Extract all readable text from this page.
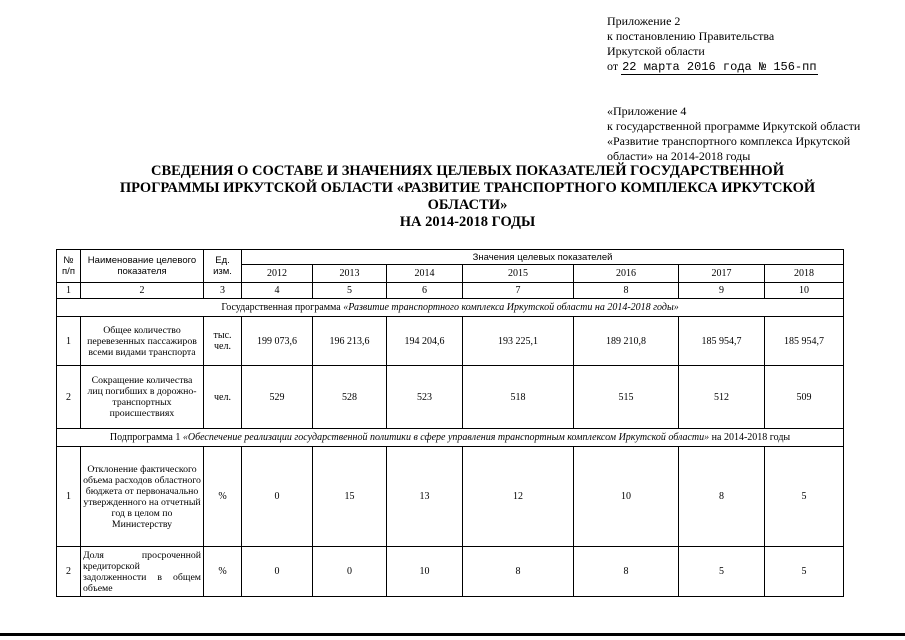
Приложение 2
к постановлению Правительства
Иркутской области
от 22 марта 2016 года № 156-пп
«Приложение 4
к государственной программе Иркутской области
«Развитие транспортного комплекса Иркутской
области» на 2014-2018 годы
СВЕДЕНИЯ О СОСТАВЕ И ЗНАЧЕНИЯХ ЦЕЛЕВЫХ ПОКАЗАТЕЛЕЙ ГОСУДАРСТВЕННОЙ
ПРОГРАММЫ ИРКУТСКОЙ ОБЛАСТИ «РАЗВИТИЕ ТРАНСПОРТНОГО КОМПЛЕКСА ИРКУТСКОЙ
ОБЛАСТИ»
НА 2014-2018 ГОДЫ
№ п/п	Наименование целевого показателя	Ед. изм.	Значения целевых показателей						
			2012	2013	2014	2015	2016	2017	2018
1	2	3	4	5	6	7	8	9	10
Государственная программа «Развитие транспортного комплекса Иркутской области на 2014-2018 годы»									
1	Общее количество перевезенных пассажиров всеми видами транспорта	тыс. чел.	199 073,6	196 213,6	194 204,6	193 225,1	189 210,8	185 954,7	185 954,7
2	Сокращение количества лиц погибших в дорожно-транспортных происшествиях	чел.	529	528	523	518	515	512	509
Подпрограмма 1 «Обеспечение реализации государственной политики в сфере управления транспортным комплексом Иркутской области» на 2014-2018 годы									
1	Отклонение фактического объема расходов областного бюджета от первоначально утвержденного на отчетный год в целом по Министерству	%	0	15	13	12	10	8	5
2	Доля просроченной кредиторской задолженности в общем объеме	%	0	0	10	8	8	5	5
